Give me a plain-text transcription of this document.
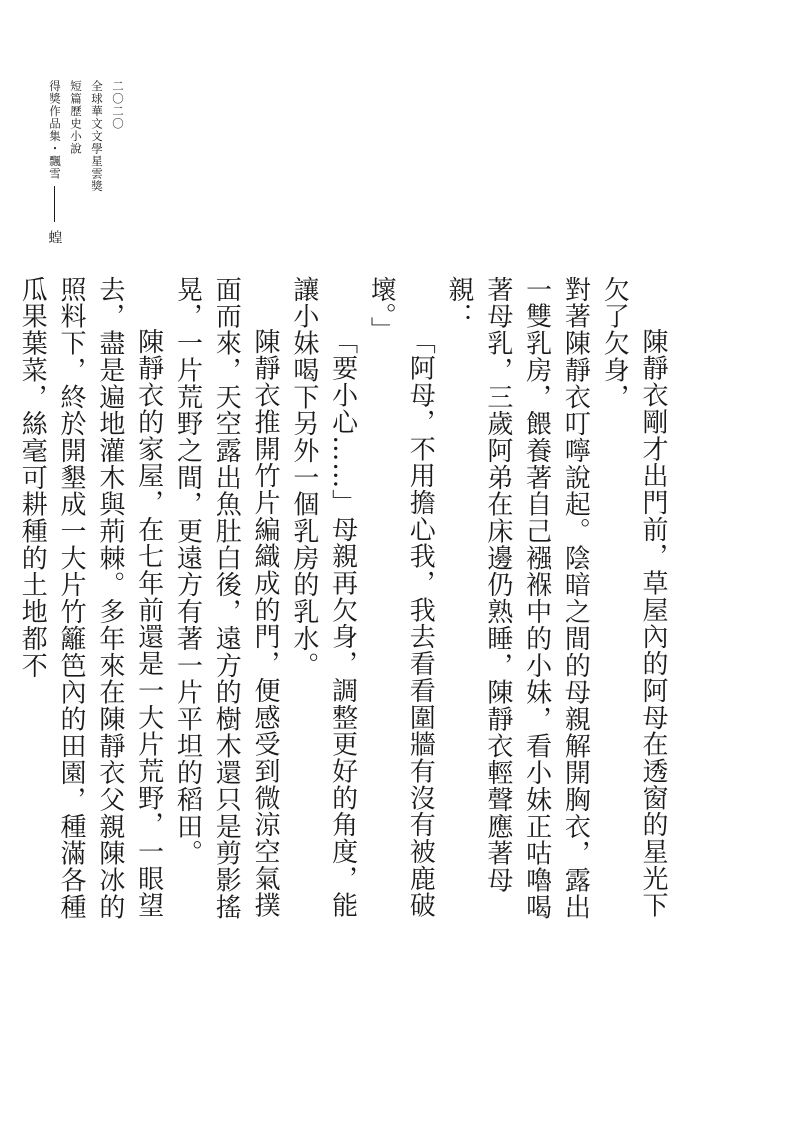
二〇二〇
全球華文文學星雲獎
短篇歷史小說
得獎作品集・飄雪
蝗

陳靜衣剛才出門前，草屋內的阿母在透窗的星光下欠了欠身，

對著陳靜衣叮嚀說起。陰暗之間的母親解開胸衣，露出一雙乳房，餵養著自己襁褓中的小妹，看小妹正咕嚕喝著母乳，三歲阿弟在床邊仍熟睡，陳靜衣輕聲應著母親：

「阿母，不用擔心我，我去看看圍牆有沒有被鹿破壞。」

「要小心……」母親再欠身，調整更好的角度，能讓小妹喝下另外一個乳房的乳水。

陳靜衣推開竹片編織成的門，便感受到微涼空氣撲面而來，天空露出魚肚白後，遠方的樹木還只是剪影搖晃，一片荒野之間，更遠方有著一片平坦的稻田。

陳靜衣的家屋，在七年前還是一大片荒野，一眼望去，盡是遍地灌木與荊棘。多年來在陳靜衣父親陳冰的照料下，終於開墾成一大片竹籬笆內的田園，種滿各種瓜果葉菜，絲毫可耕種的土地都不
